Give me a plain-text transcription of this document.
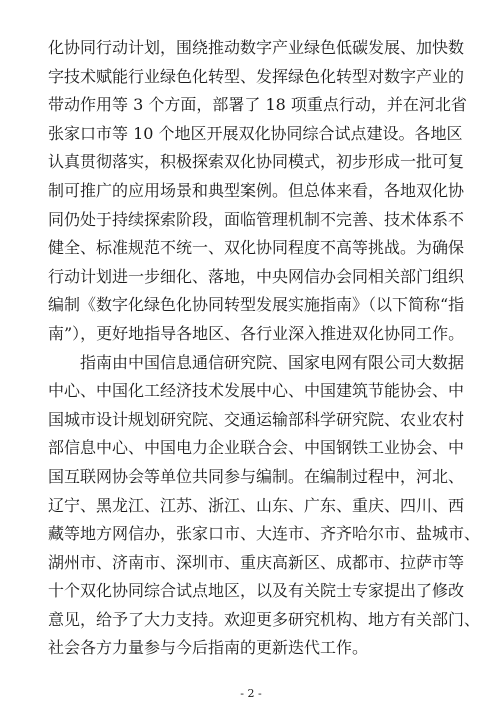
化协同行动计划，围绕推动数字产业绿色低碳发展、加快数
字技术赋能行业绿色化转型、发挥绿色化转型对数字产业的
带动作用等 3 个方面，部署了 18 项重点行动，并在河北省
张家口市等 10 个地区开展双化协同综合试点建设。各地区
认真贯彻落实，积极探索双化协同模式，初步形成一批可复
制可推广的应用场景和典型案例。但总体来看，各地双化协
同仍处于持续探索阶段，面临管理机制不完善、技术体系不
健全、标准规范不统一、双化协同程度不高等挑战。为确保
行动计划进一步细化、落地，中央网信办会同相关部门组织
编制《数字化绿色化协同转型发展实施指南》（以下简称“指
南”），更好地指导各地区、各行业深入推进双化协同工作。
指南由中国信息通信研究院、国家电网有限公司大数据
中心、中国化工经济技术发展中心、中国建筑节能协会、中
国城市设计规划研究院、交通运输部科学研究院、农业农村
部信息中心、中国电力企业联合会、中国钢铁工业协会、中
国互联网协会等单位共同参与编制。在编制过程中，河北、
辽宁、黑龙江、江苏、浙江、山东、广东、重庆、四川、西
藏等地方网信办，张家口市、大连市、齐齐哈尔市、盐城市、
湖州市、济南市、深圳市、重庆高新区、成都市、拉萨市等
十个双化协同综合试点地区，以及有关院士专家提出了修改
意见，给予了大力支持。欢迎更多研究机构、地方有关部门、
社会各方力量参与今后指南的更新迭代工作。
- 2 -
